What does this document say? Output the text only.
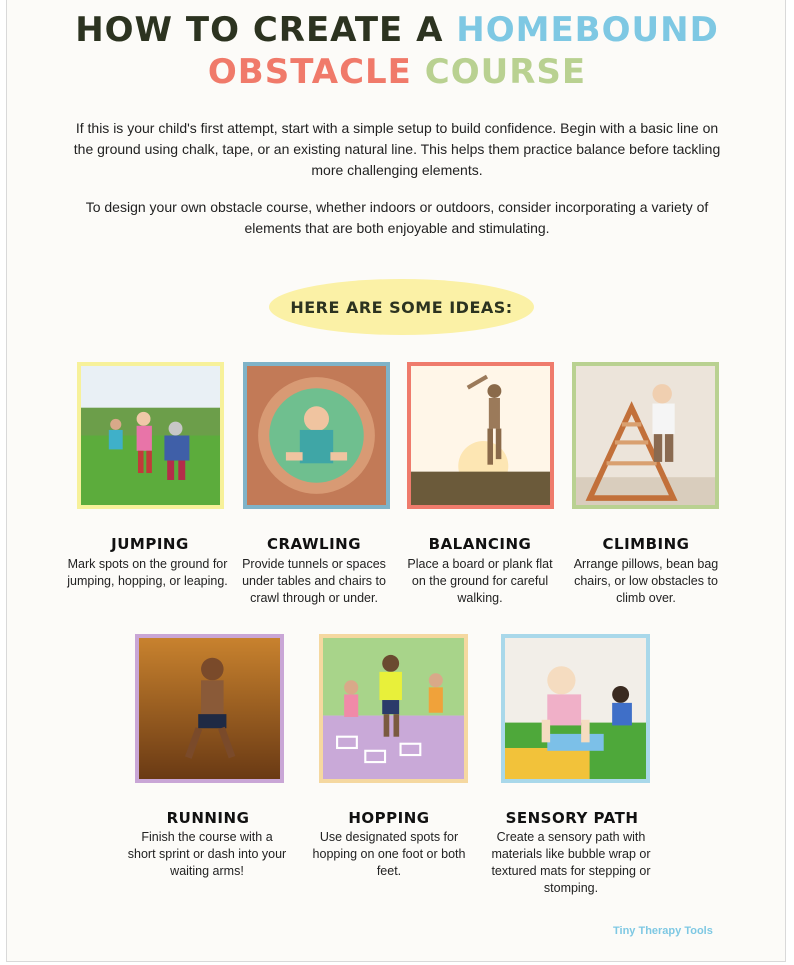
HOW TO CREATE A HOMEBOUND
OBSTACLE COURSE
If this is your child's first attempt, start with a simple setup to build confidence. Begin with a basic line on the ground using chalk, tape, or an existing natural line. This helps them practice balance before tackling more challenging elements.
To design your own obstacle course, whether indoors or outdoors, consider incorporating a variety of elements that are both enjoyable and stimulating.
HERE ARE SOME IDEAS:
JUMPING
Mark spots on the ground for jumping, hopping, or leaping.
CRAWLING
Provide tunnels or spaces under tables and chairs to crawl through or under.
BALANCING
Place a board or plank flat on the ground for careful walking.
CLIMBING
Arrange pillows, bean bag chairs, or low obstacles to climb over.
RUNNING
Finish the course with a short sprint or dash into your waiting arms!
HOPPING
Use designated spots for hopping on one foot or both feet.
SENSORY PATH
Create a sensory path with materials like bubble wrap or textured mats for stepping or stomping.
Tiny Therapy Tools
